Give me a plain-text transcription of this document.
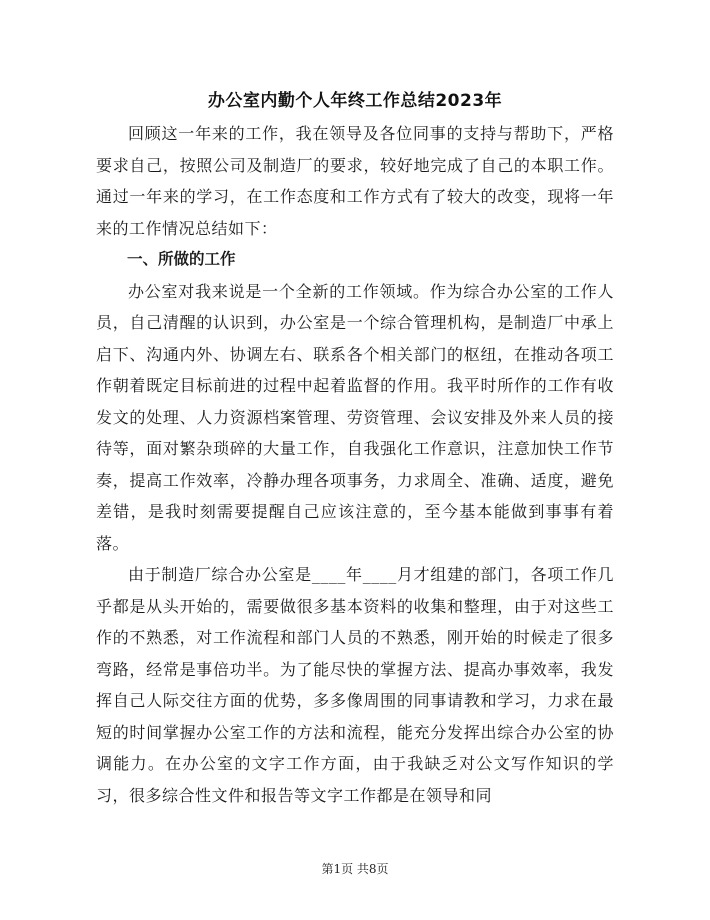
办公室内勤个人年终工作总结2023年

回顾这一年来的工作，我在领导及各位同事的支持与帮助下，严格要求自己，按照公司及制造厂的要求，较好地完成了自己的本职工作。通过一年来的学习，在工作态度和工作方式有了较大的改变，现将一年来的工作情况总结如下：

一、所做的工作

办公室对我来说是一个全新的工作领域。作为综合办公室的工作人员，自己清醒的认识到，办公室是一个综合管理机构，是制造厂中承上启下、沟通内外、协调左右、联系各个相关部门的枢纽，在推动各项工作朝着既定目标前进的过程中起着监督的作用。我平时所作的工作有收发文的处理、人力资源档案管理、劳资管理、会议安排及外来人员的接待等，面对繁杂琐碎的大量工作，自我强化工作意识，注意加快工作节奏，提高工作效率，冷静办理各项事务，力求周全、准确、适度，避免差错，是我时刻需要提醒自己应该注意的，至今基本能做到事事有着落。

由于制造厂综合办公室是____年____月才组建的部门，各项工作几乎都是从头开始的，需要做很多基本资料的收集和整理，由于对这些工作的不熟悉，对工作流程和部门人员的不熟悉，刚开始的时候走了很多弯路，经常是事倍功半。为了能尽快的掌握方法、提高办事效率，我发挥自己人际交往方面的优势，多多像周围的同事请教和学习，力求在最短的时间掌握办公室工作的方法和流程，能充分发挥出综合办公室的协调能力。在办公室的文字工作方面，由于我缺乏对公文写作知识的学习，很多综合性文件和报告等文字工作都是在领导和同

第1页 共8页
